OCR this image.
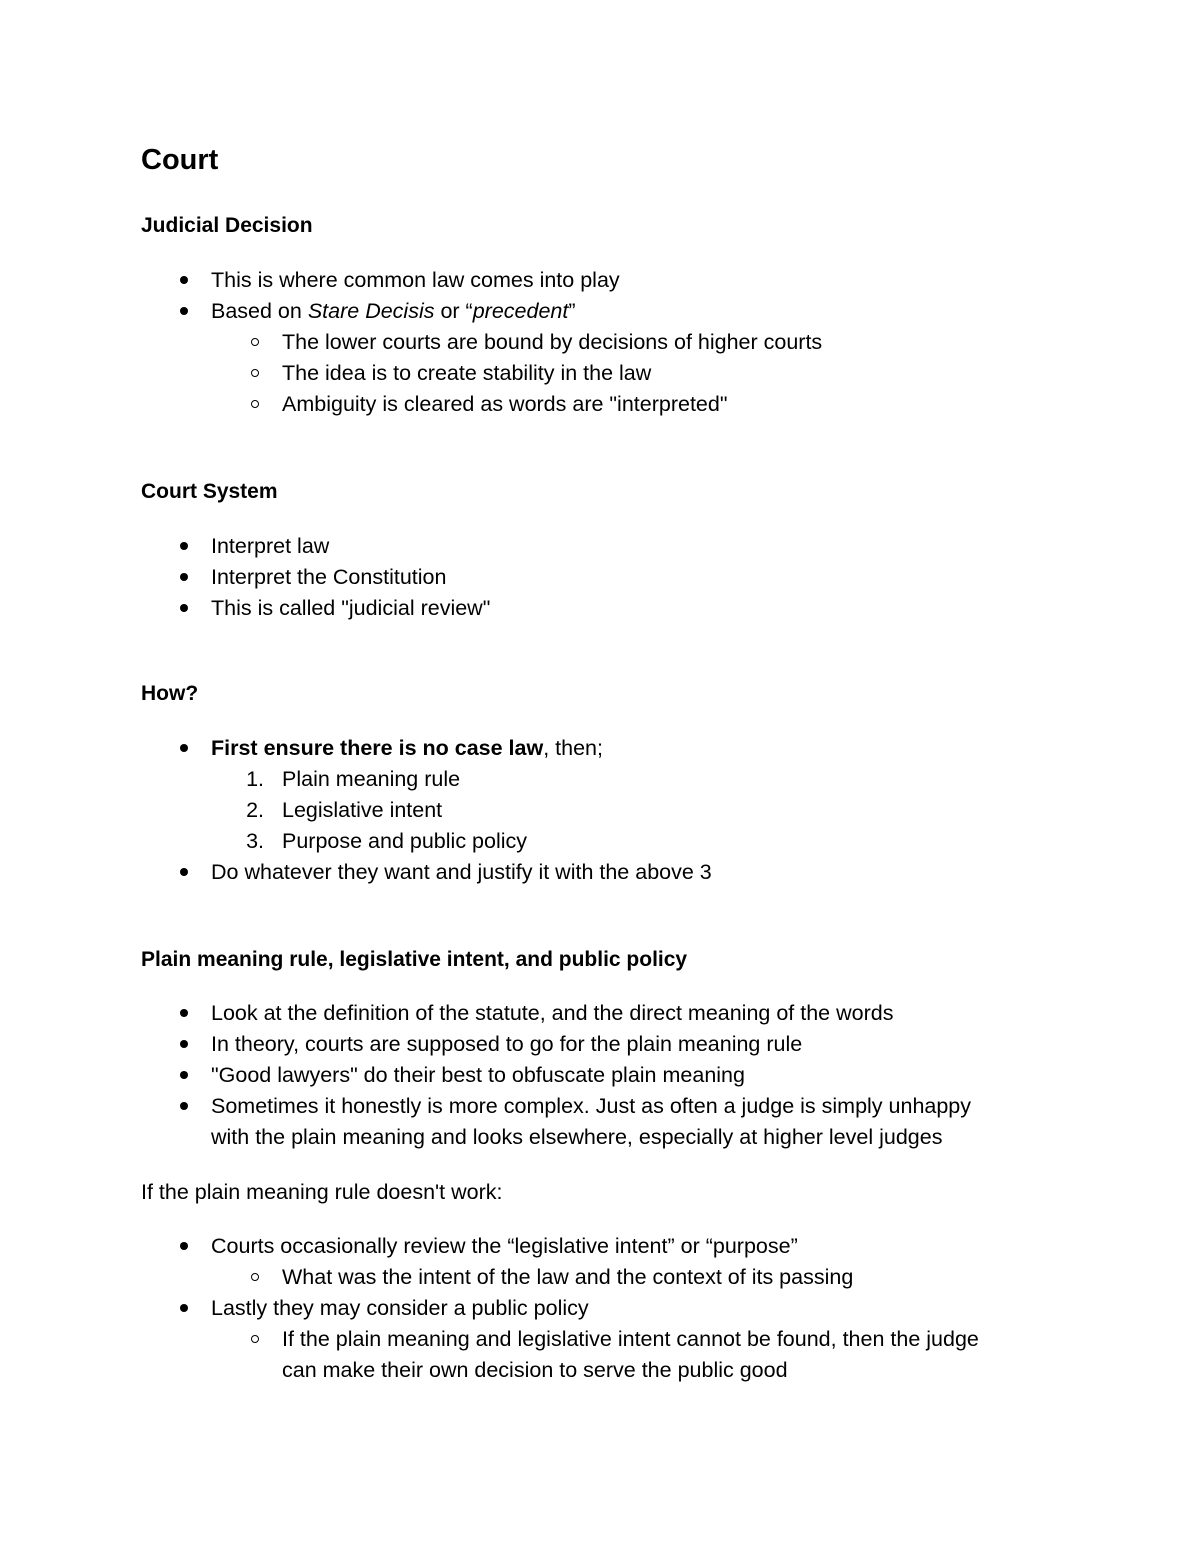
Court
Judicial Decision
This is where common law comes into play
Based on Stare Decisis or “precedent”
The lower courts are bound by decisions of higher courts
The idea is to create stability in the law
Ambiguity is cleared as words are "interpreted"
Court System
Interpret law
Interpret the Constitution
This is called "judicial review"
How?
First ensure there is no case law, then;
1. Plain meaning rule
2. Legislative intent
3. Purpose and public policy
Do whatever they want and justify it with the above 3
Plain meaning rule, legislative intent, and public policy
Look at the definition of the statute, and the direct meaning of the words
In theory, courts are supposed to go for the plain meaning rule
"Good lawyers" do their best to obfuscate plain meaning
Sometimes it honestly is more complex. Just as often a judge is simply unhappy
with the plain meaning and looks elsewhere, especially at higher level judges
If the plain meaning rule doesn't work:
Courts occasionally review the “legislative intent” or “purpose”
What was the intent of the law and the context of its passing
Lastly they may consider a public policy
If the plain meaning and legislative intent cannot be found, then the judge
can make their own decision to serve the public good
